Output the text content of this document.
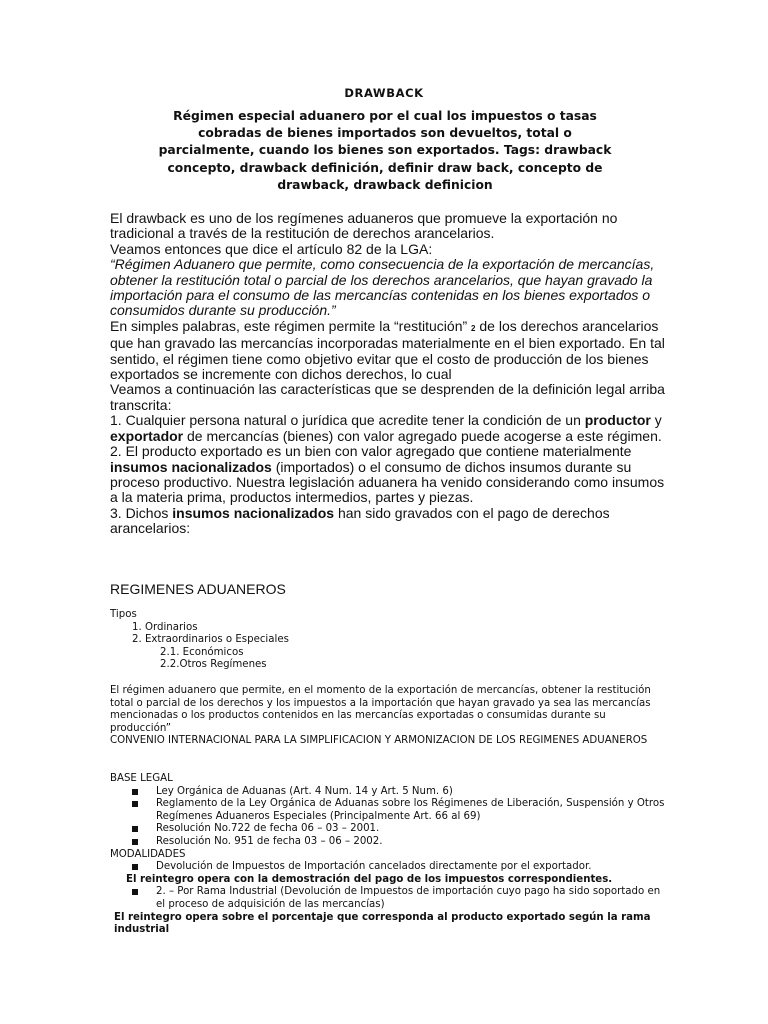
DRAWBACK
Régimen especial aduanero por el cual los impuestos o tasas cobradas de bienes importados son devueltos, total o parcialmente, cuando los bienes son exportados. Tags: drawback concepto, drawback definición, definir draw back, concepto de drawback, drawback definicion
El drawback es uno de los regímenes aduaneros que promueve la exportación no tradicional a través de la restitución de derechos arancelarios.
Veamos entonces que dice el artículo 82 de la LGA:
“Régimen Aduanero que permite, como consecuencia de la exportación de mercancías, obtener la restitución total o parcial de los derechos arancelarios, que hayan gravado la importación para el consumo de las mercancías contenidas en los bienes exportados o consumidos durante su producción.”
En simples palabras, este régimen permite la “restitución” 2 de los derechos arancelarios que han gravado las mercancías incorporadas materialmente en el bien exportado. En tal sentido, el régimen tiene como objetivo evitar que el costo de producción de los bienes exportados se incremente con dichos derechos, lo cual
Veamos a continuación las características que se desprenden de la definición legal arriba transcrita:
1. Cualquier persona natural o jurídica que acredite tener la condición de un productor y exportador de mercancías (bienes) con valor agregado puede acogerse a este régimen.
2. El producto exportado es un bien con valor agregado que contiene materialmente insumos nacionalizados (importados) o el consumo de dichos insumos durante su proceso productivo. Nuestra legislación aduanera ha venido considerando como insumos a la materia prima, productos intermedios, partes y piezas.
3. Dichos insumos nacionalizados han sido gravados con el pago de derechos arancelarios:
REGIMENES ADUANEROS
Tipos
1. Ordinarios
2. Extraordinarios o Especiales
2.1. Económicos
2.2.Otros Regímenes
El régimen aduanero que permite, en el momento de la exportación de mercancías, obtener la restitución total o parcial de los derechos y los impuestos a la importación que hayan gravado ya sea las mercancías mencionadas o los productos contenidos en las mercancías exportadas o consumidas durante su producción”
CONVENIO INTERNACIONAL PARA LA SIMPLIFICACION Y ARMONIZACION DE LOS REGIMENES ADUANEROS
BASE LEGAL
Ley Orgánica de Aduanas (Art. 4 Num. 14 y Art. 5 Num. 6)
Reglamento de la Ley Orgánica de Aduanas sobre los Régimenes de Liberación, Suspensión y Otros Regímenes Aduaneros Especiales (Principalmente Art. 66 al 69)
Resolución No.722 de fecha 06 – 03 – 2001.
Resolución No. 951 de fecha 03 – 06 – 2002.
MODALIDADES
Devolución de Impuestos de Importación cancelados directamente por el exportador.
El reintegro opera con la demostración del pago de los impuestos correspondientes.
2. – Por Rama Industrial (Devolución de Impuestos de importación cuyo pago ha sido soportado en el proceso de adquisición de las mercancías)
El reintegro opera sobre el porcentaje que corresponda al producto exportado según la rama industrial
